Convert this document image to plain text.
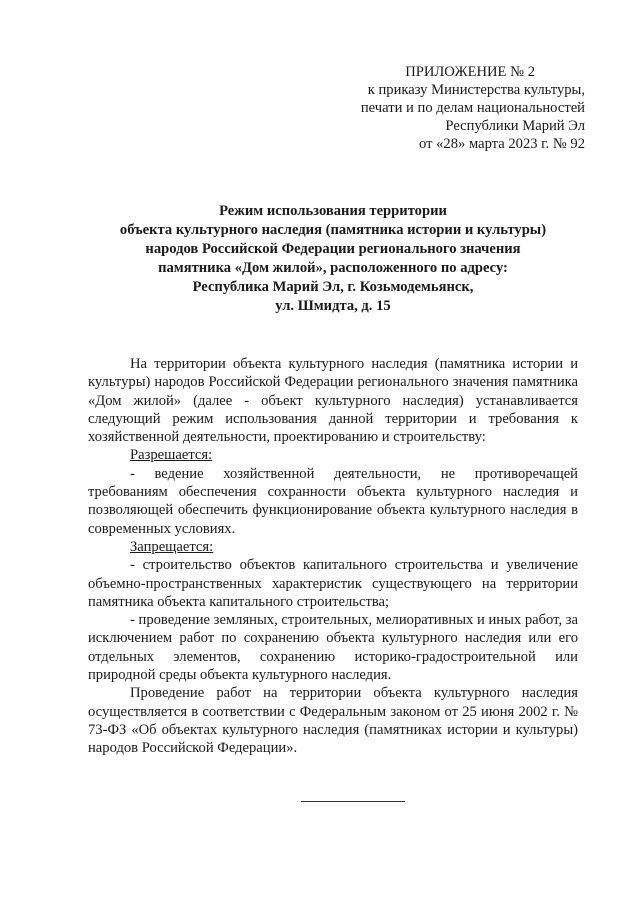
ПРИЛОЖЕНИЕ № 2
к приказу Министерства культуры,
печати и по делам национальностей
Республики Марий Эл
от «28» марта 2023 г. № 92
Режим использования территории
объекта культурного наследия (памятника истории и культуры)
народов Российской Федерации регионального значения
памятника «Дом жилой», расположенного по адресу:
Республика Марий Эл, г. Козьмодемьянск,
ул. Шмидта, д. 15

На территории объекта культурного наследия (памятника истории и культуры) народов Российской Федерации регионального значения памятника «Дом жилой» (далее - объект культурного наследия) устанавливается следующий режим использования данной территории и требования к хозяйственной деятельности, проектированию и строительству:

Разрешается:

- ведение хозяйственной деятельности, не противоречащей требованиям обеспечения сохранности объекта культурного наследия и позволяющей обеспечить функционирование объекта культурного наследия в современных условиях.

Запрещается:

- строительство объектов капитального строительства и увеличение объемно-пространственных характеристик существующего на территории памятника объекта капитального строительства;

- проведение земляных, строительных, мелиоративных и иных работ, за исключением работ по сохранению объекта культурного наследия или его отдельных элементов, сохранению историко-градостроительной или природной среды объекта культурного наследия.

Проведение работ на территории объекта культурного наследия осуществляется в соответствии с Федеральным законом от 25 июня 2002 г. № 73-ФЗ «Об объектах культурного наследия (памятниках истории и культуры) народов Российской Федерации».
